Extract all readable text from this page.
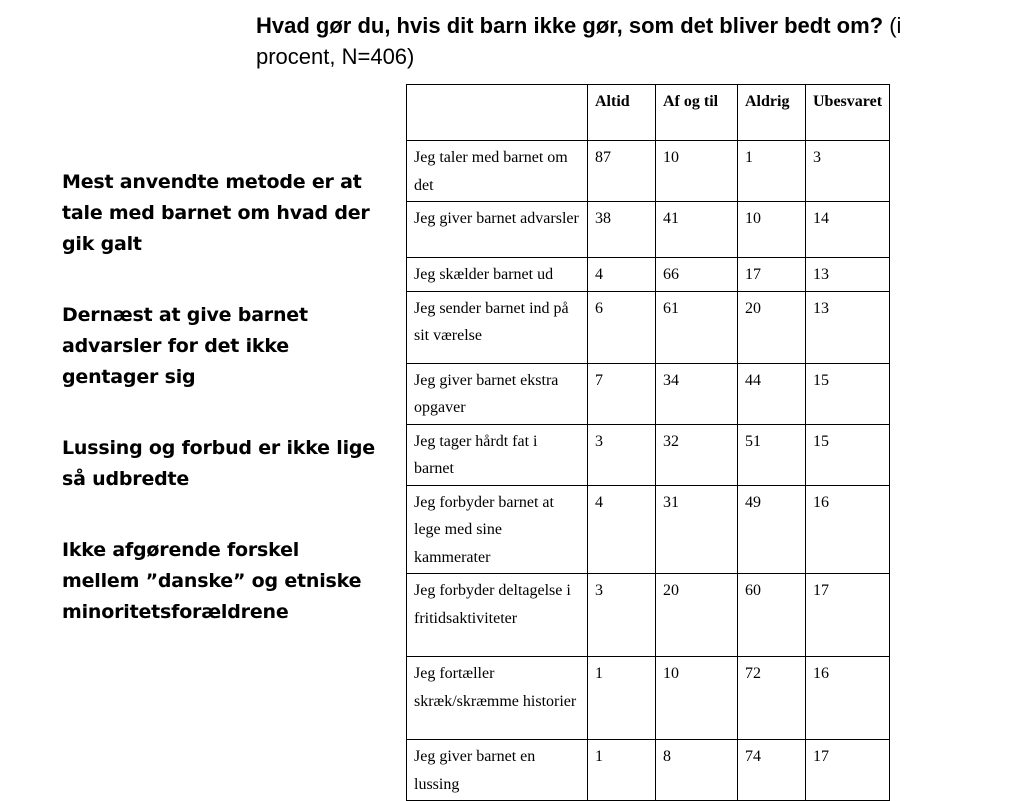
Hvad gør du, hvis dit barn ikke gør, som det bliver bedt om? (i procent, N=406)

Mest anvendte metode er at tale med barnet om hvad der gik galt

Dernæst at give barnet advarsler for det ikke gentager sig

Lussing og forbud er ikke lige så udbredte

Ikke afgørende forskel mellem ”danske” og etniske minoritetsforældrene

	Altid	Af og til	Aldrig	Ubesvaret
Jeg taler med barnet om det	87	10	1	3
Jeg giver barnet advarsler	38	41	10	14
Jeg skælder barnet ud	4	66	17	13
Jeg sender barnet ind på sit værelse	6	61	20	13
Jeg giver barnet ekstra opgaver	7	34	44	15
Jeg tager hårdt fat i barnet	3	32	51	15
Jeg forbyder barnet at lege med sine kammerater	4	31	49	16
Jeg forbyder deltagelse i fritidsaktiviteter	3	20	60	17
Jeg fortæller skræk/skræmme historier	1	10	72	16
Jeg giver barnet en lussing	1	8	74	17
